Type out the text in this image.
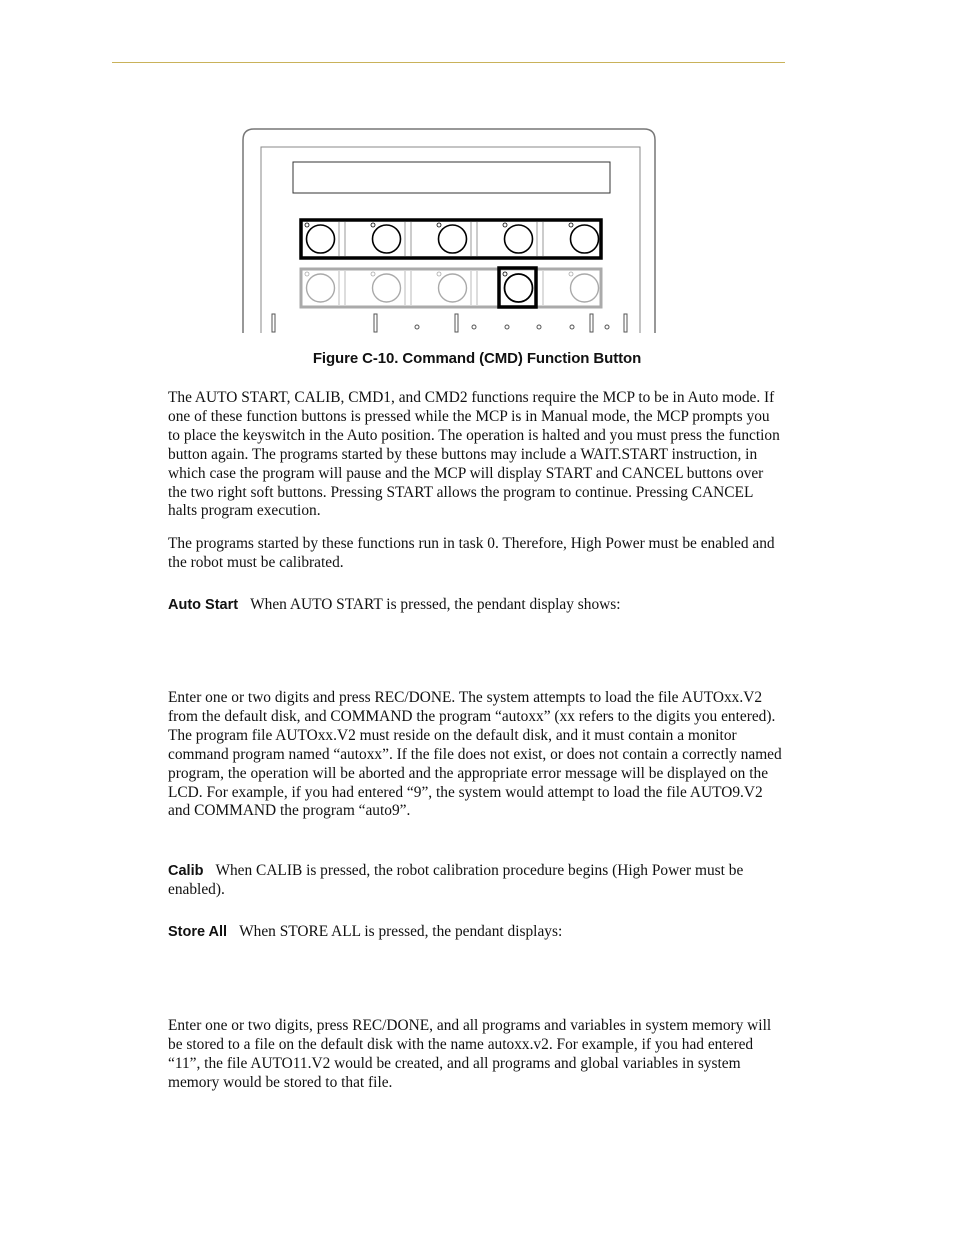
Figure C-10. Command (CMD) Function Button

The AUTO START, CALIB, CMD1, and CMD2 functions require the MCP to be in Auto mode. If one of these function buttons is pressed while the MCP is in Manual mode, the MCP prompts you to place the keyswitch in the Auto position. The operation is halted and you must press the function button again. The programs started by these buttons may include a WAIT.START instruction, in which case the program will pause and the MCP will display START and CANCEL buttons over the two right soft buttons. Pressing START allows the program to continue. Pressing CANCEL halts program execution.

The programs started by these functions run in task 0. Therefore, High Power must be enabled and the robot must be calibrated.

Auto Start When AUTO START is pressed, the pendant display shows:

Enter one or two digits and press REC/DONE. The system attempts to load the file AUTOxx.V2 from the default disk, and COMMAND the program “autoxx” (xx refers to the digits you entered). The program file AUTOxx.V2 must reside on the default disk, and it must contain a monitor command program named “autoxx”. If the file does not exist, or does not contain a correctly named program, the operation will be aborted and the appropriate error message will be displayed on the LCD. For example, if you had entered “9”, the system would attempt to load the file AUTO9.V2 and COMMAND the program “auto9”.

Calib When CALIB is pressed, the robot calibration procedure begins (High Power must be enabled).

Store All When STORE ALL is pressed, the pendant displays:

Enter one or two digits, press REC/DONE, and all programs and variables in system memory will be stored to a file on the default disk with the name autoxx.v2. For example, if you had entered “11”, the file AUTO11.V2 would be created, and all programs and global variables in system memory would be stored to that file.
